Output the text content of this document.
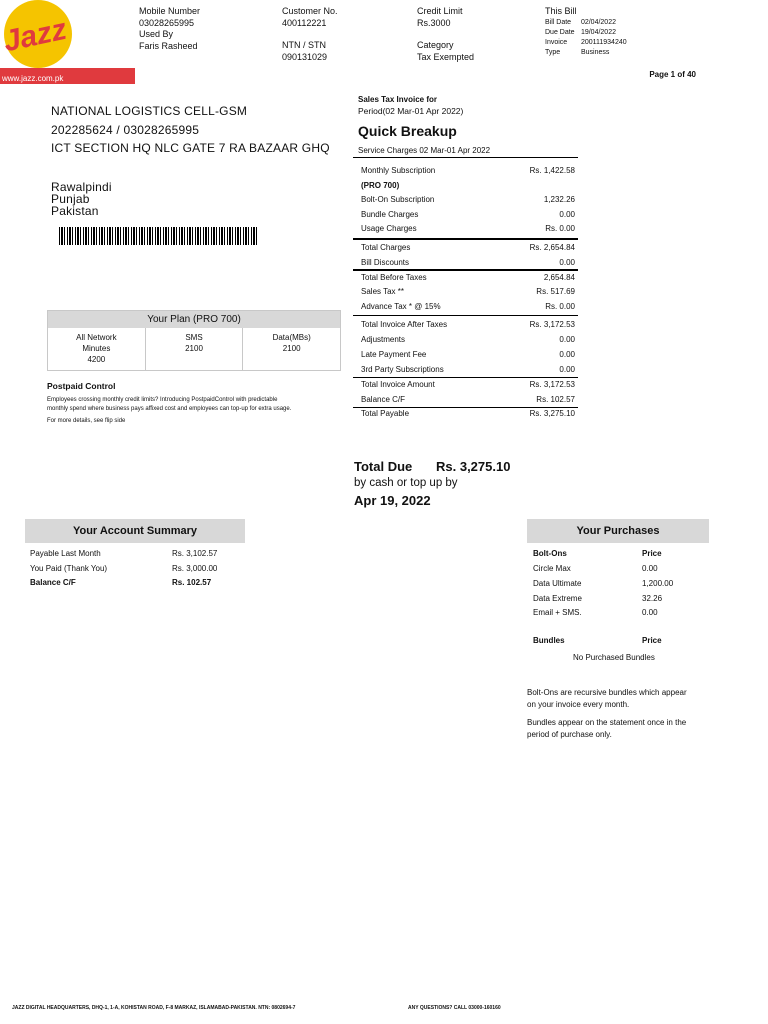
Jazz
www.jazz.com.pk
Mobile Number
03028265995
Used By
Faris Rasheed
Customer No.
400112221
NTN / STN
090131029
Credit Limit
Rs.3000
Category
Tax Exempted
This Bill
Bill Date 02/04/2022
Due Date 19/04/2022
Invoice 200111934240
Type	Business
Page 1 of 40
NATIONAL LOGISTICS CELL-GSM
202285624 / 03028265995
ICT SECTION HQ NLC GATE 7 RA BAZAAR GHQ
Rawalpindi
Punjab
Pakistan
Your Plan (PRO 700)
All Network
Minutes
4200
SMS
2100
Data(MBs)
2100
Postpaid Control
Employees crossing monthly credit limits? Introducing PostpaidControl with predictable
monthly spend where business pays affixed cost and employees can top-up for extra usage.
For more details, see flip side
Sales Tax Invoice for
Period(02 Mar-01 Apr 2022)
Quick Breakup
Service Charges 02 Mar-01 Apr 2022
Monthly Subscription	Rs. 1,422.58
(PRO 700)
Bolt-On Subscription	1,232.26
Bundle Charges	0.00
Usage Charges	Rs. 0.00
Total Charges	Rs. 2,654.84
Bill Discounts	0.00
Total Before Taxes	2,654.84
Sales Tax **	Rs. 517.69
Advance Tax * @ 15%	Rs. 0.00
Total Invoice After Taxes	Rs. 3,172.53
Adjustments	0.00
Late Payment Fee	0.00
3rd Party Subscriptions	0.00
Total Invoice Amount	Rs. 3,172.53
Balance C/F	Rs. 102.57
Total Payable	Rs. 3,275.10
Total Due Rs. 3,275.10
by cash or top up by
Apr 19, 2022
Your Account Summary
Payable Last Month	Rs. 3,102.57
You Paid (Thank You)	Rs. 3,000.00
Balance C/F	Rs. 102.57
Your Purchases
Bolt-Ons	Price
Circle Max	0.00
Data Ultimate	1,200.00
Data Extreme	32.26
Email + SMS.	0.00
Bundles	Price
No Purchased Bundles
Bolt-Ons are recursive bundles which appear
on your invoice every month.
Bundles appear on the statement once in the
period of purchase only.
JAZZ DIGITAL HEADQUARTERS, DHQ-1, 1-A, KOHISTAN ROAD, F-8 MARKAZ, ISLAMABAD-PAKISTAN. NTN: 0802694-7	ANY QUESTIONS? CALL 03000-160160
